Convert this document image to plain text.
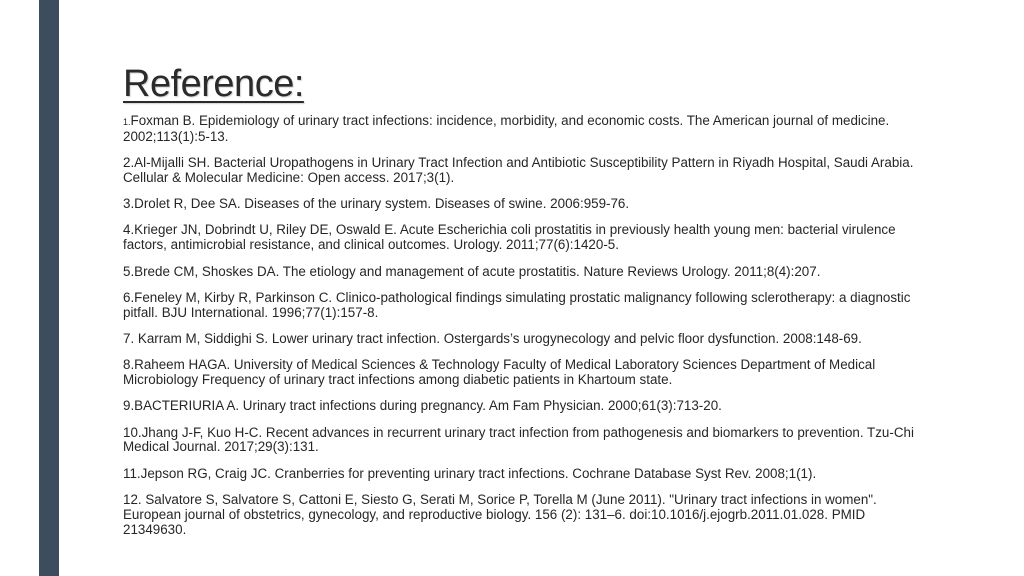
Reference:
1.Foxman B. Epidemiology of urinary tract infections: incidence, morbidity, and economic costs. The American journal of medicine. 2002;113(1):5-13.
2.Al-Mijalli SH. Bacterial Uropathogens in Urinary Tract Infection and Antibiotic Susceptibility Pattern in Riyadh Hospital, Saudi Arabia. Cellular & Molecular Medicine: Open access. 2017;3(1).
3.Drolet R, Dee SA. Diseases of the urinary system. Diseases of swine. 2006:959-76.
4.Krieger JN, Dobrindt U, Riley DE, Oswald E. Acute Escherichia coli prostatitis in previously health young men: bacterial virulence factors, antimicrobial resistance, and clinical outcomes. Urology. 2011;77(6):1420-5.
5.Brede CM, Shoskes DA. The etiology and management of acute prostatitis. Nature Reviews Urology. 2011;8(4):207.
6.Feneley M, Kirby R, Parkinson C. Clinico-pathological findings simulating prostatic malignancy following sclerotherapy: a diagnostic pitfall. BJU International. 1996;77(1):157-8.
7. Karram M, Siddighi S. Lower urinary tract infection. Ostergards’s urogynecology and pelvic floor dysfunction. 2008:148-69.
8.Raheem HAGA. University of Medical Sciences & Technology Faculty of Medical Laboratory Sciences Department of Medical Microbiology Frequency of urinary tract infections among diabetic patients in Khartoum state.
9.BACTERIURIA A. Urinary tract infections during pregnancy. Am Fam Physician. 2000;61(3):713-20.
10.Jhang J-F, Kuo H-C. Recent advances in recurrent urinary tract infection from pathogenesis and biomarkers to prevention. Tzu-Chi Medical Journal. 2017;29(3):131.
11.Jepson RG, Craig JC. Cranberries for preventing urinary tract infections. Cochrane Database Syst Rev. 2008;1(1).
12. Salvatore S, Salvatore S, Cattoni E, Siesto G, Serati M, Sorice P, Torella M (June 2011). "Urinary tract infections in women". European journal of obstetrics, gynecology, and reproductive biology. 156 (2): 131–6. doi:10.1016/j.ejogrb.2011.01.028. PMID 21349630.
